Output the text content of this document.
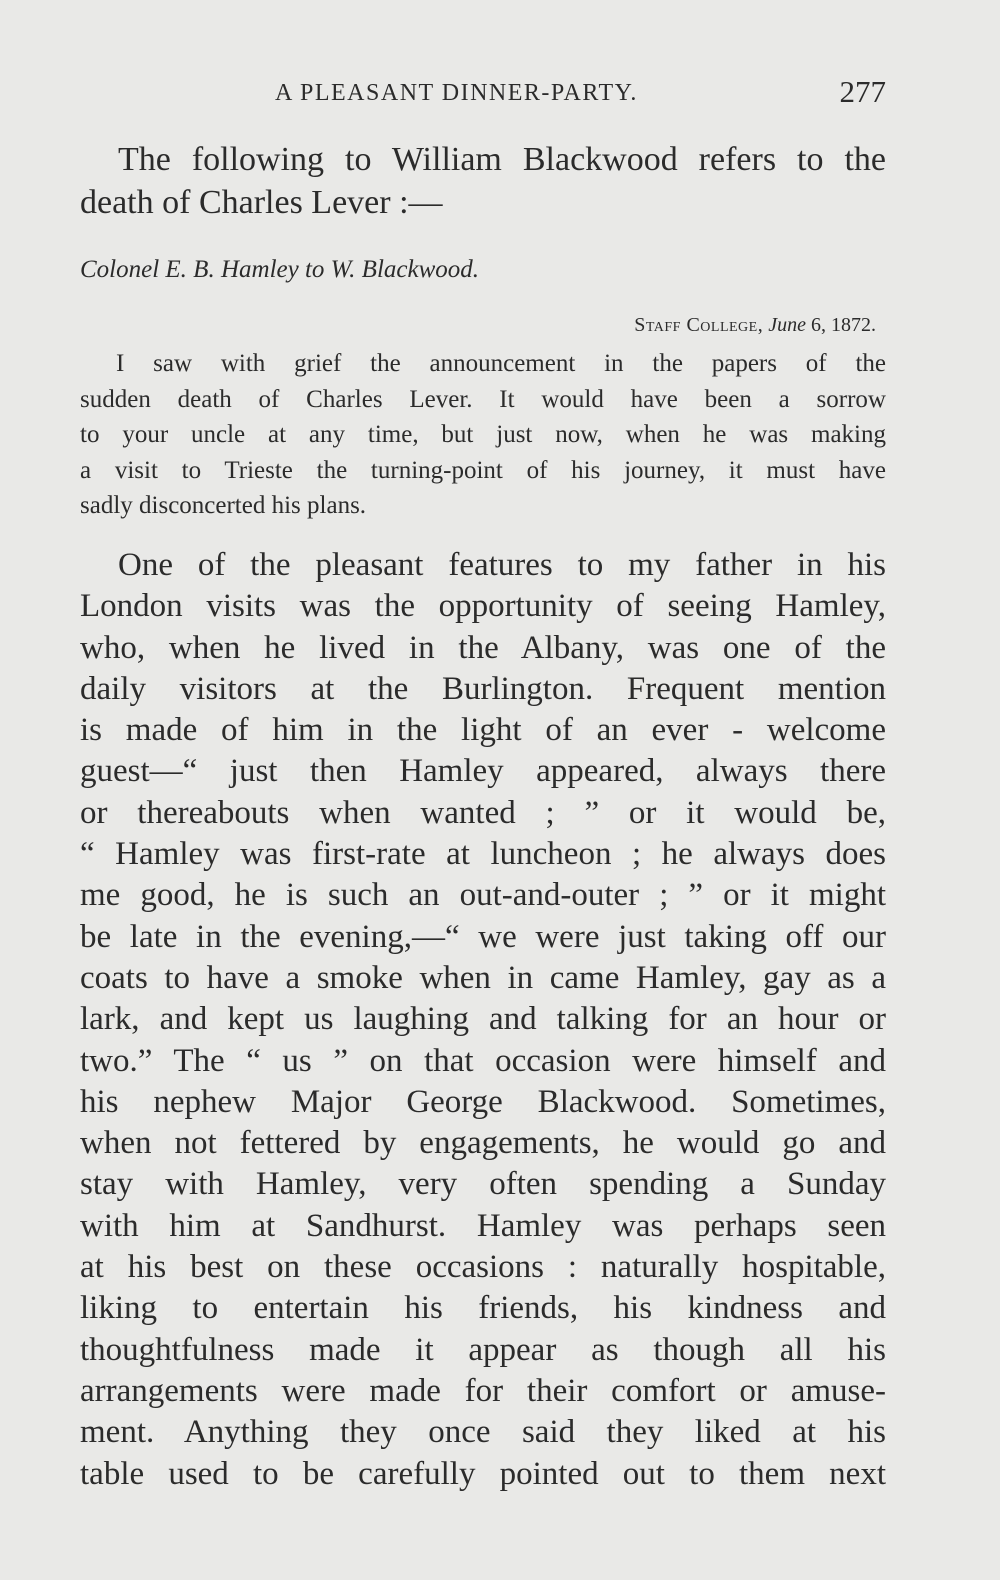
A PLEASANT DINNER-PARTY.	277
The following to William Blackwood refers to the
death of Charles Lever :—
Colonel E. B. Hamley to W. Blackwood.
Staff College, June 6, 1872.
I saw with grief the announcement in the papers of the
sudden death of Charles Lever. It would have been a sorrow
to your uncle at any time, but just now, when he was making
a visit to Trieste the turning-point of his journey, it must have
sadly disconcerted his plans.
One of the pleasant features to my father in his
London visits was the opportunity of seeing Hamley,
who, when he lived in the Albany, was one of the
daily visitors at the Burlington. Frequent mention
is made of him in the light of an ever - welcome
guest—“ just then Hamley appeared, always there
or thereabouts when wanted ; ” or it would be,
“ Hamley was first-rate at luncheon ; he always does
me good, he is such an out-and-outer ; ” or it might
be late in the evening,—“ we were just taking off our
coats to have a smoke when in came Hamley, gay as a
lark, and kept us laughing and talking for an hour or
two.” The “ us ” on that occasion were himself and
his nephew Major George Blackwood. Sometimes,
when not fettered by engagements, he would go and
stay with Hamley, very often spending a Sunday
with him at Sandhurst. Hamley was perhaps seen
at his best on these occasions : naturally hospitable,
liking to entertain his friends, his kindness and
thoughtfulness made it appear as though all his
arrangements were made for their comfort or amuse-
ment. Anything they once said they liked at his
table used to be carefully pointed out to them next
